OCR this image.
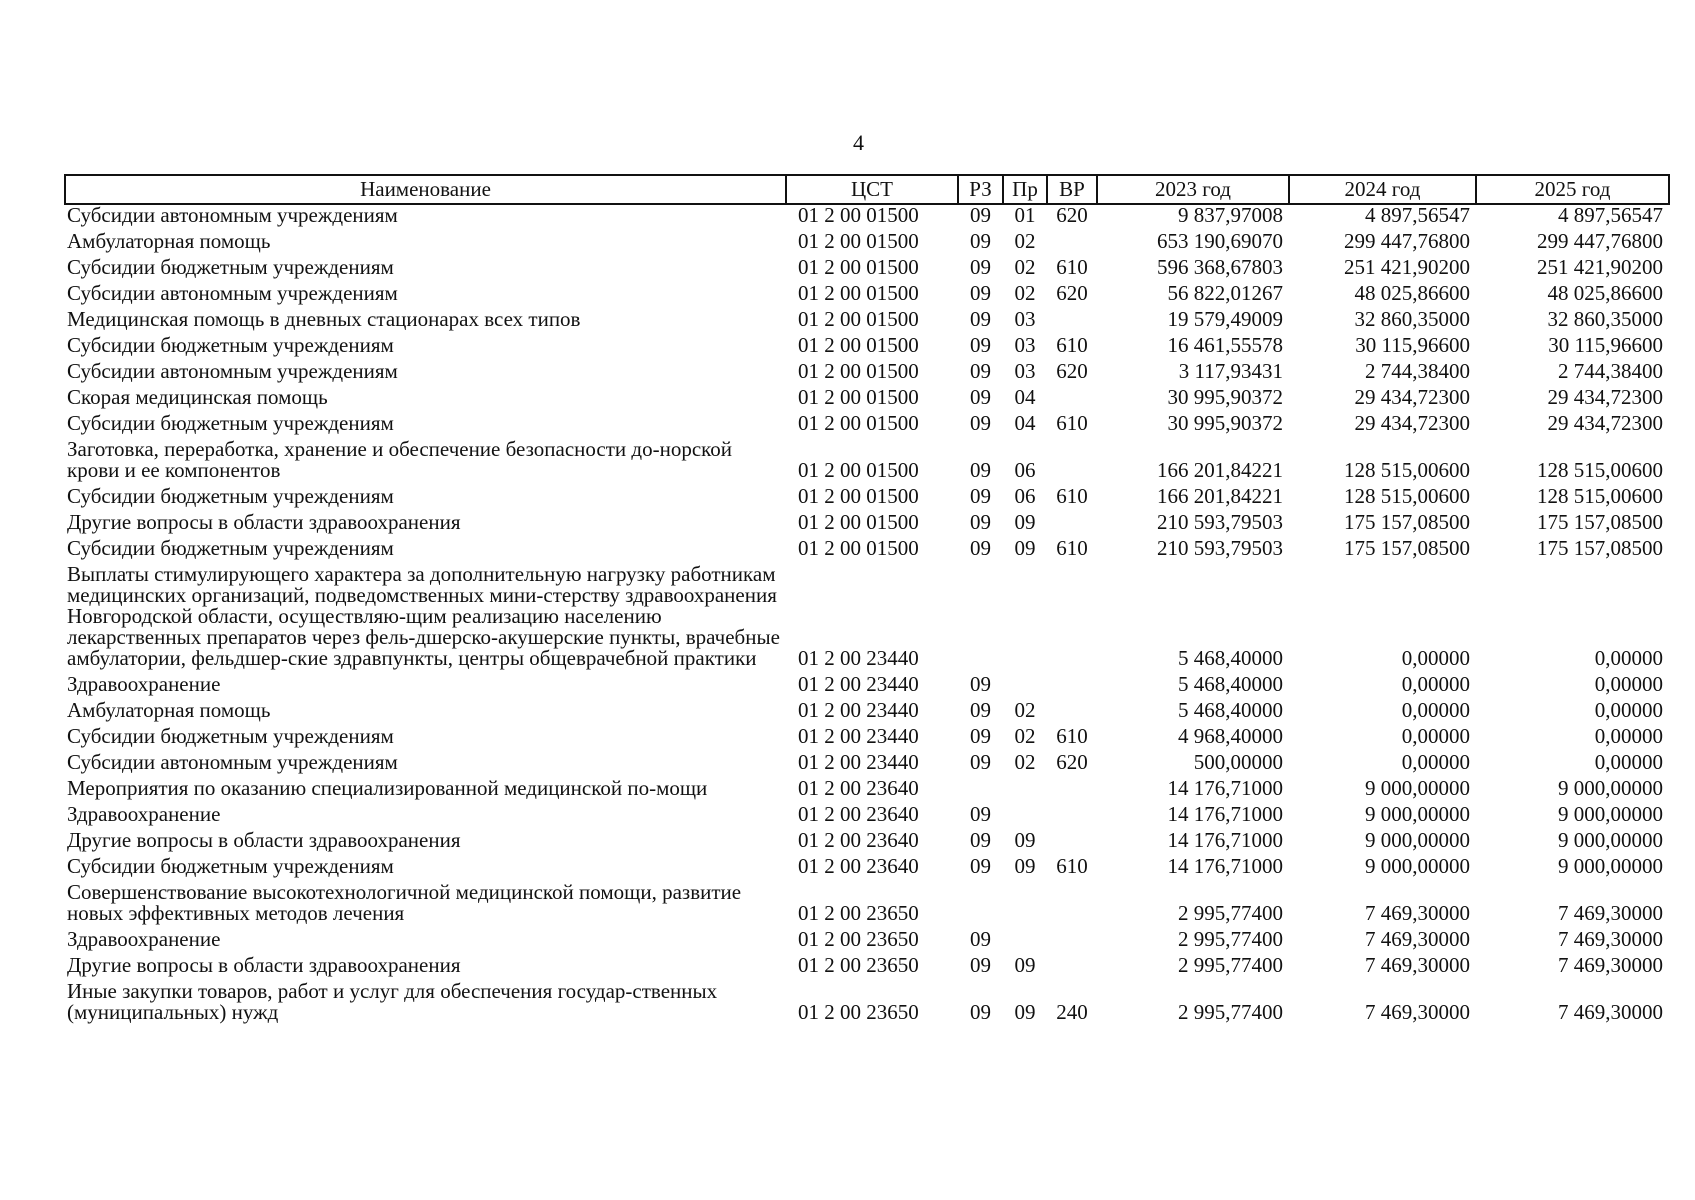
4
Наименование	ЦСТ	РЗ	Пр	ВР	2023 год	2024 год	2025 год
Субсидии автономным учреждениям	01 2 00 01500	09	01	620	9 837,97008	4 897,56547	4 897,56547
Амбулаторная помощь	01 2 00 01500	09	02		653 190,69070	299 447,76800	299 447,76800
Субсидии бюджетным учреждениям	01 2 00 01500	09	02	610	596 368,67803	251 421,90200	251 421,90200
Субсидии автономным учреждениям	01 2 00 01500	09	02	620	56 822,01267	48 025,86600	48 025,86600
Медицинская помощь в дневных стационарах всех типов	01 2 00 01500	09	03		19 579,49009	32 860,35000	32 860,35000
Субсидии бюджетным учреждениям	01 2 00 01500	09	03	610	16 461,55578	30 115,96600	30 115,96600
Субсидии автономным учреждениям	01 2 00 01500	09	03	620	3 117,93431	2 744,38400	2 744,38400
Скорая медицинская помощь	01 2 00 01500	09	04		30 995,90372	29 434,72300	29 434,72300
Субсидии бюджетным учреждениям	01 2 00 01500	09	04	610	30 995,90372	29 434,72300	29 434,72300
Заготовка, переработка, хранение и обеспечение безопасности до-норской крови и ее компонентов	01 2 00 01500	09	06		166 201,84221	128 515,00600	128 515,00600
Субсидии бюджетным учреждениям	01 2 00 01500	09	06	610	166 201,84221	128 515,00600	128 515,00600
Другие вопросы в области здравоохранения	01 2 00 01500	09	09		210 593,79503	175 157,08500	175 157,08500
Субсидии бюджетным учреждениям	01 2 00 01500	09	09	610	210 593,79503	175 157,08500	175 157,08500
Выплаты стимулирующего характера за дополнительную нагрузку работникам медицинских организаций, подведомственных мини-стерству здравоохранения Новгородской области, осуществляю-щим реализацию населению лекарственных препаратов через фель-дшерско-акушерские пункты, врачебные амбулатории, фельдшер-ские здравпункты, центры общеврачебной практики	01 2 00 23440				5 468,40000	0,00000	0,00000
Здравоохранение	01 2 00 23440	09			5 468,40000	0,00000	0,00000
Амбулаторная помощь	01 2 00 23440	09	02		5 468,40000	0,00000	0,00000
Субсидии бюджетным учреждениям	01 2 00 23440	09	02	610	4 968,40000	0,00000	0,00000
Субсидии автономным учреждениям	01 2 00 23440	09	02	620	500,00000	0,00000	0,00000
Мероприятия по оказанию специализированной медицинской по-мощи	01 2 00 23640				14 176,71000	9 000,00000	9 000,00000
Здравоохранение	01 2 00 23640	09			14 176,71000	9 000,00000	9 000,00000
Другие вопросы в области здравоохранения	01 2 00 23640	09	09		14 176,71000	9 000,00000	9 000,00000
Субсидии бюджетным учреждениям	01 2 00 23640	09	09	610	14 176,71000	9 000,00000	9 000,00000
Совершенствование высокотехнологичной медицинской помощи, развитие новых эффективных методов лечения	01 2 00 23650				2 995,77400	7 469,30000	7 469,30000
Здравоохранение	01 2 00 23650	09			2 995,77400	7 469,30000	7 469,30000
Другие вопросы в области здравоохранения	01 2 00 23650	09	09		2 995,77400	7 469,30000	7 469,30000
Иные закупки товаров, работ и услуг для обеспечения государ-ственных (муниципальных) нужд	01 2 00 23650	09	09	240	2 995,77400	7 469,30000	7 469,30000
